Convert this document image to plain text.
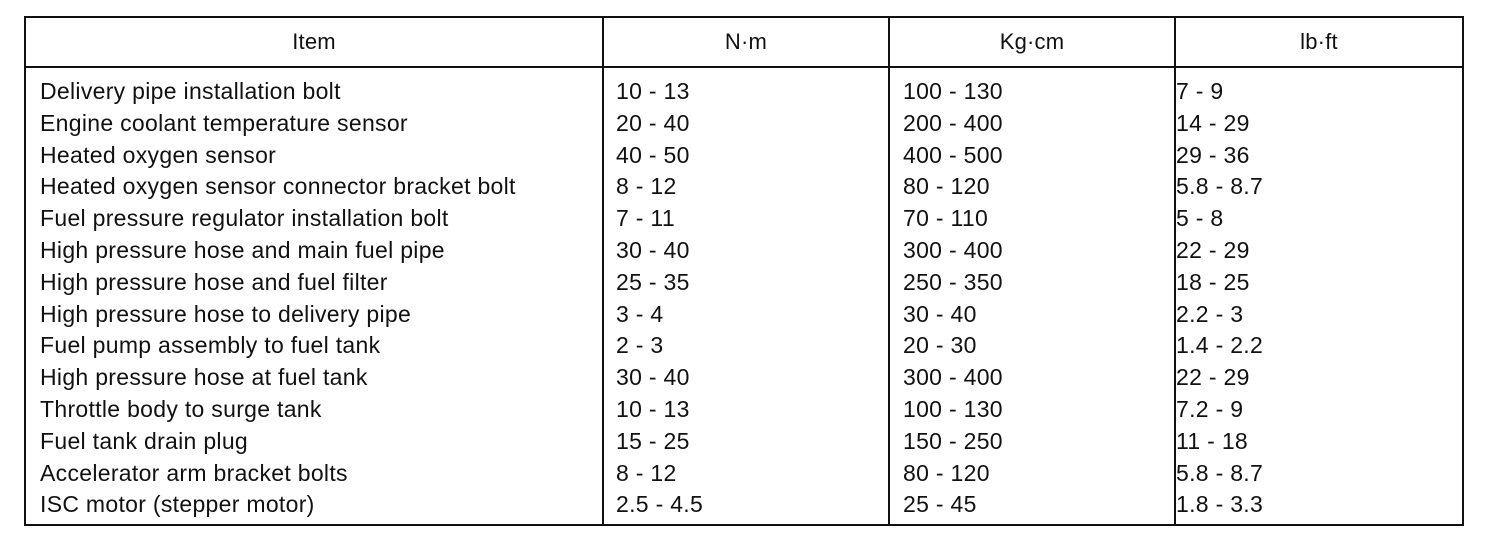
Item	N·m	Kg·cm	lb·ft
Delivery pipe installation bolt	10 - 13	100 - 130	7 - 9
Engine coolant temperature sensor	20 - 40	200 - 400	14 - 29
Heated oxygen sensor	40 - 50	400 - 500	29 - 36
Heated oxygen sensor connector bracket bolt	8 - 12	80 - 120	5.8 - 8.7
Fuel pressure regulator installation bolt	7 - 11	70 - 110	5 - 8
High pressure hose and main fuel pipe	30 - 40	300 - 400	22 - 29
High pressure hose and fuel filter	25 - 35	250 - 350	18 - 25
High pressure hose to delivery pipe	3 - 4	30 - 40	2.2 - 3
Fuel pump assembly to fuel tank	2 - 3	20 - 30	1.4 - 2.2
High pressure hose at fuel tank	30 - 40	300 - 400	22 - 29
Throttle body to surge tank	10 - 13	100 - 130	7.2 - 9
Fuel tank drain plug	15 - 25	150 - 250	11 - 18
Accelerator arm bracket bolts	8 - 12	80 - 120	5.8 - 8.7
ISC motor (stepper motor)	2.5 - 4.5	25 - 45	1.8 - 3.3
